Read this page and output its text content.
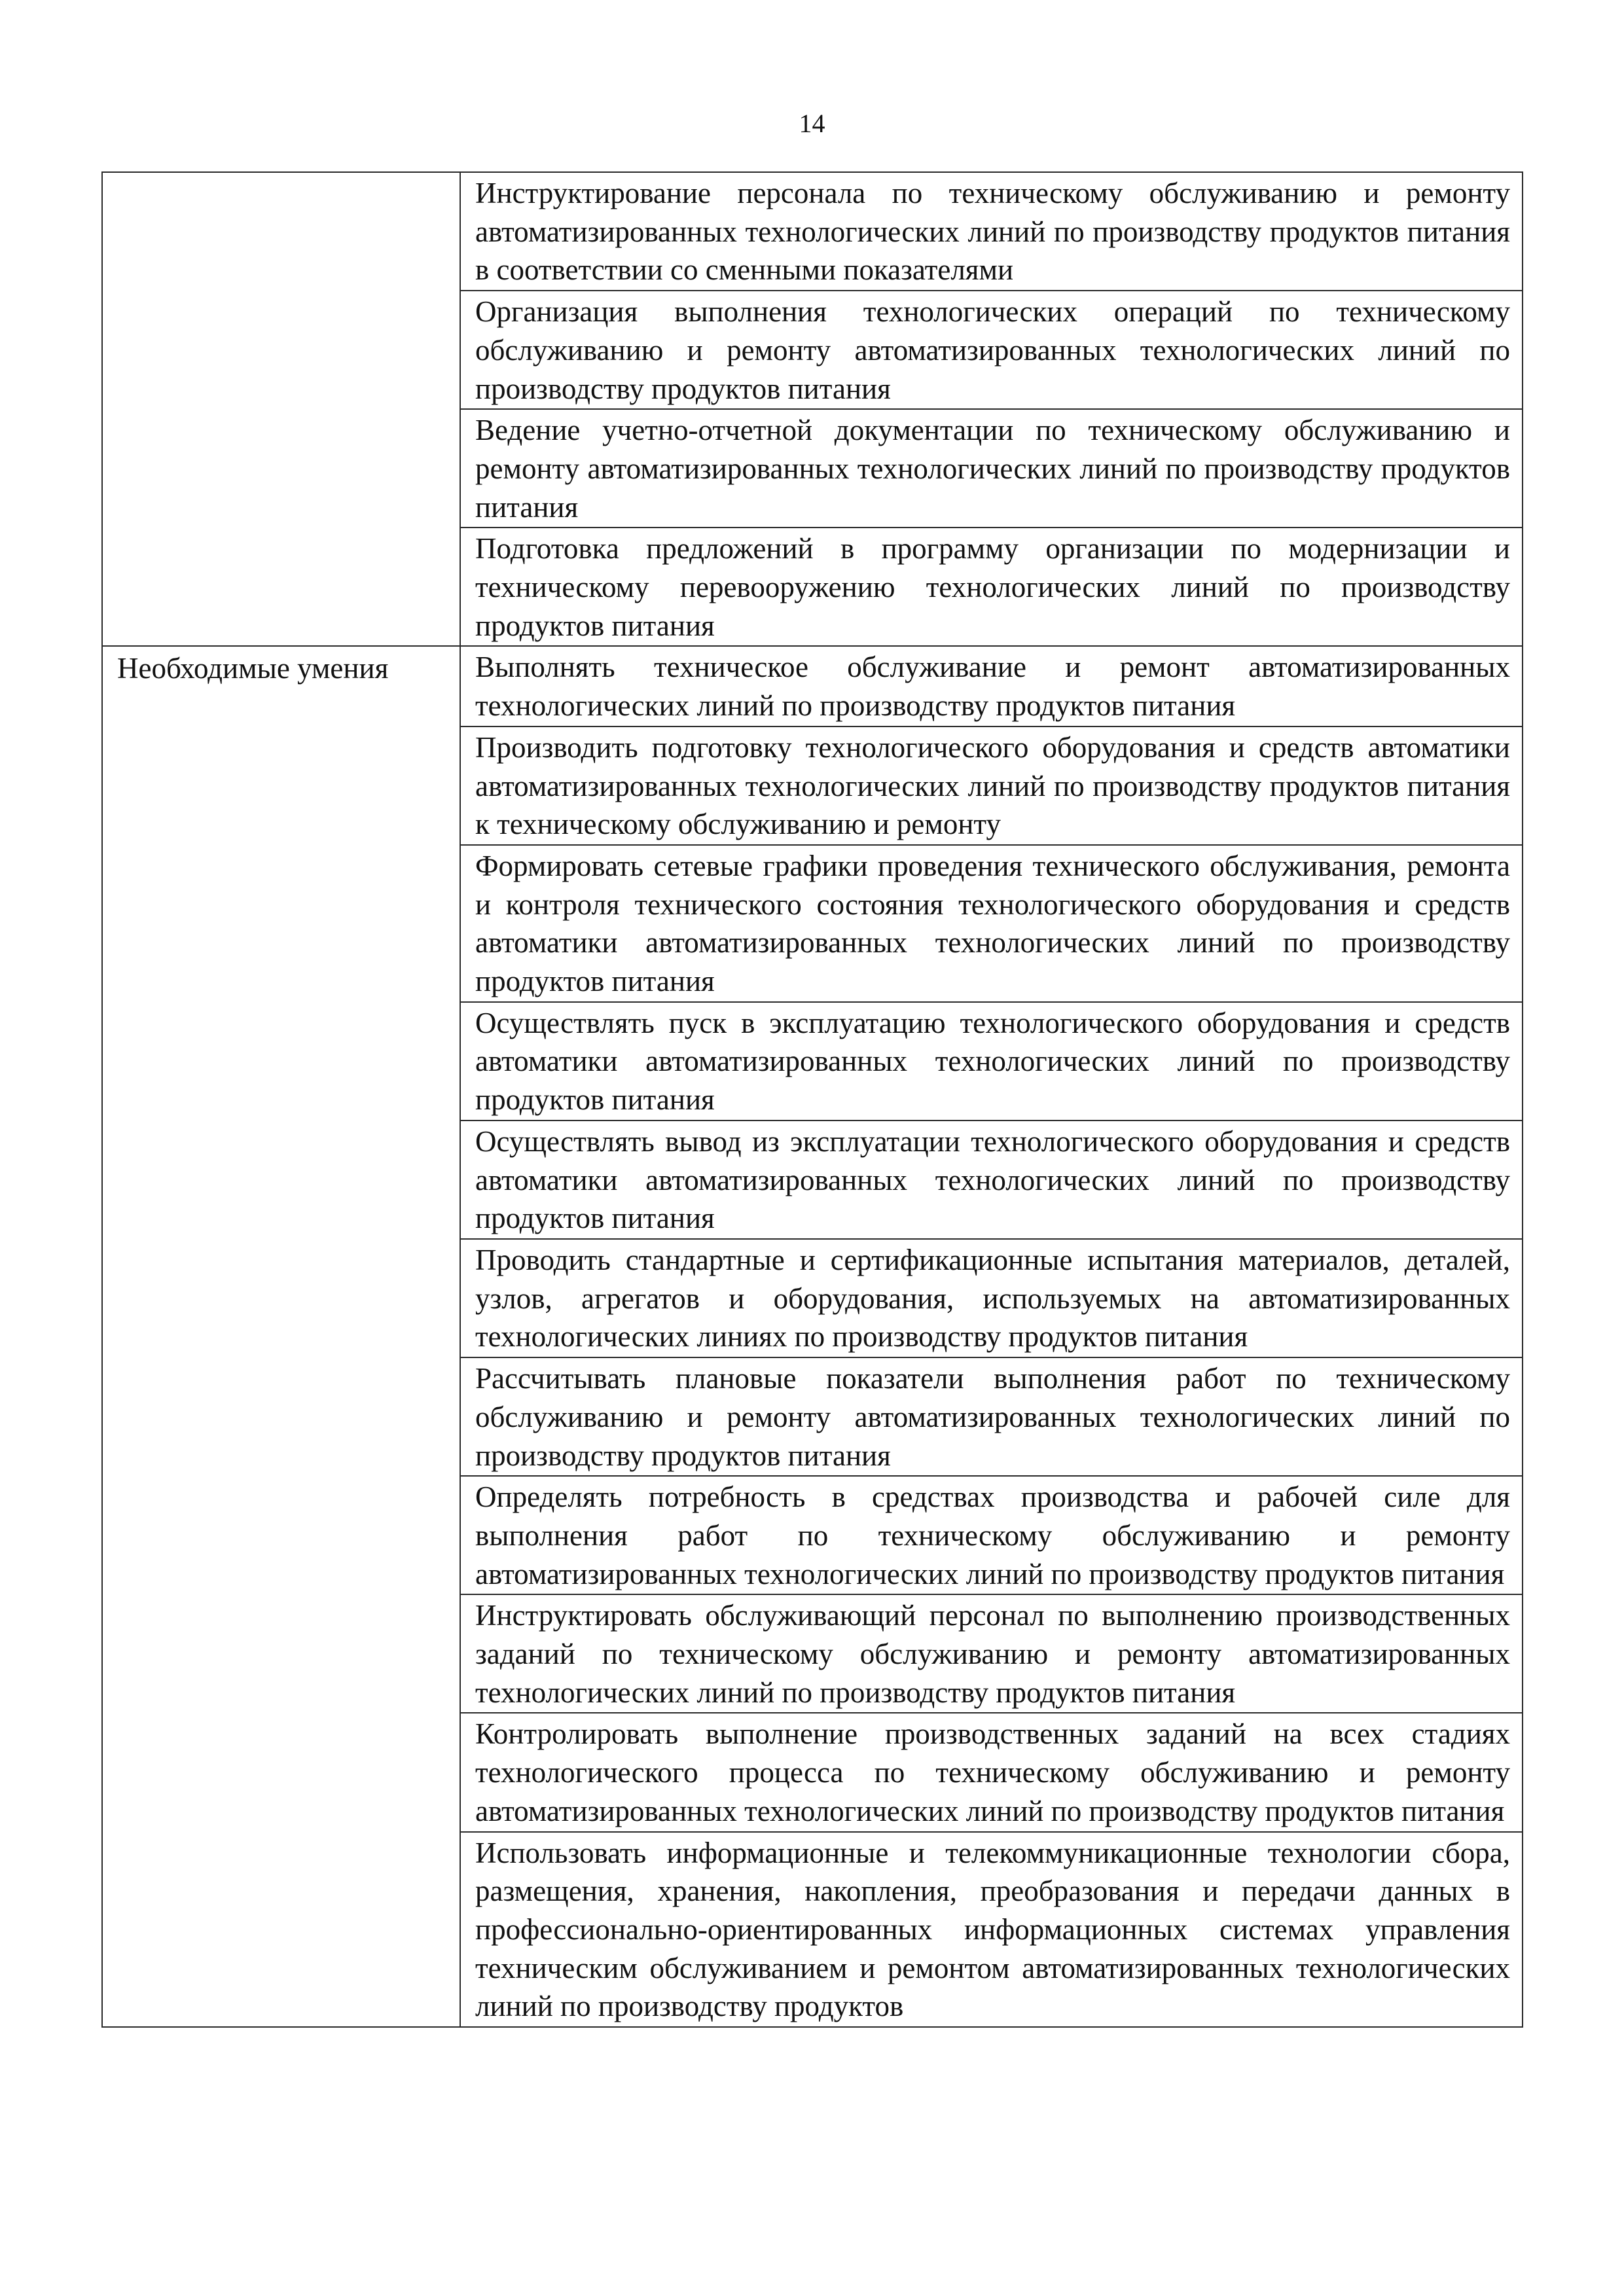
14
	Инструктирование персонала по техническому обслуживанию и ремонту автоматизированных технологических линий по производству продуктов питания в соответствии со сменными показателями
	Организация выполнения технологических операций по техническому обслуживанию и ремонту автоматизированных технологических линий по производству продуктов питания
	Ведение учетно-отчетной документации по техническому обслуживанию и ремонту автоматизированных технологических линий по производству продуктов питания
	Подготовка предложений в программу организации по модернизации и техническому перевооружению технологических линий по производству продуктов питания
Необходимые умения	Выполнять техническое обслуживание и ремонт автоматизированных технологических линий по производству продуктов питания
	Производить подготовку технологического оборудования и средств автоматики автоматизированных технологических линий по производству продуктов питания к техническому обслуживанию и ремонту
	Формировать сетевые графики проведения технического обслуживания, ремонта и контроля технического состояния технологического оборудования и средств автоматики автоматизированных технологических линий по производству продуктов питания
	Осуществлять пуск в эксплуатацию технологического оборудования и средств автоматики автоматизированных технологических линий по производству продуктов питания
	Осуществлять вывод из эксплуатации технологического оборудования и средств автоматики автоматизированных технологических линий по производству продуктов питания
	Проводить стандартные и сертификационные испытания материалов, деталей, узлов, агрегатов и оборудования, используемых на автоматизированных технологических линиях по производству продуктов питания
	Рассчитывать плановые показатели выполнения работ по техническому обслуживанию и ремонту автоматизированных технологических линий по производству продуктов питания
	Определять потребность в средствах производства и рабочей силе для выполнения работ по техническому обслуживанию и ремонту автоматизированных технологических линий по производству продуктов питания
	Инструктировать обслуживающий персонал по выполнению производственных заданий по техническому обслуживанию и ремонту автоматизированных технологических линий по производству продуктов питания
	Контролировать выполнение производственных заданий на всех стадиях технологического процесса по техническому обслуживанию и ремонту автоматизированных технологических линий по производству продуктов питания
	Использовать информационные и телекоммуникационные технологии сбора, размещения, хранения, накопления, преобразования и передачи данных в профессионально-ориентированных информационных системах управления техническим обслуживанием и ремонтом автоматизированных технологических линий по производству продуктов
